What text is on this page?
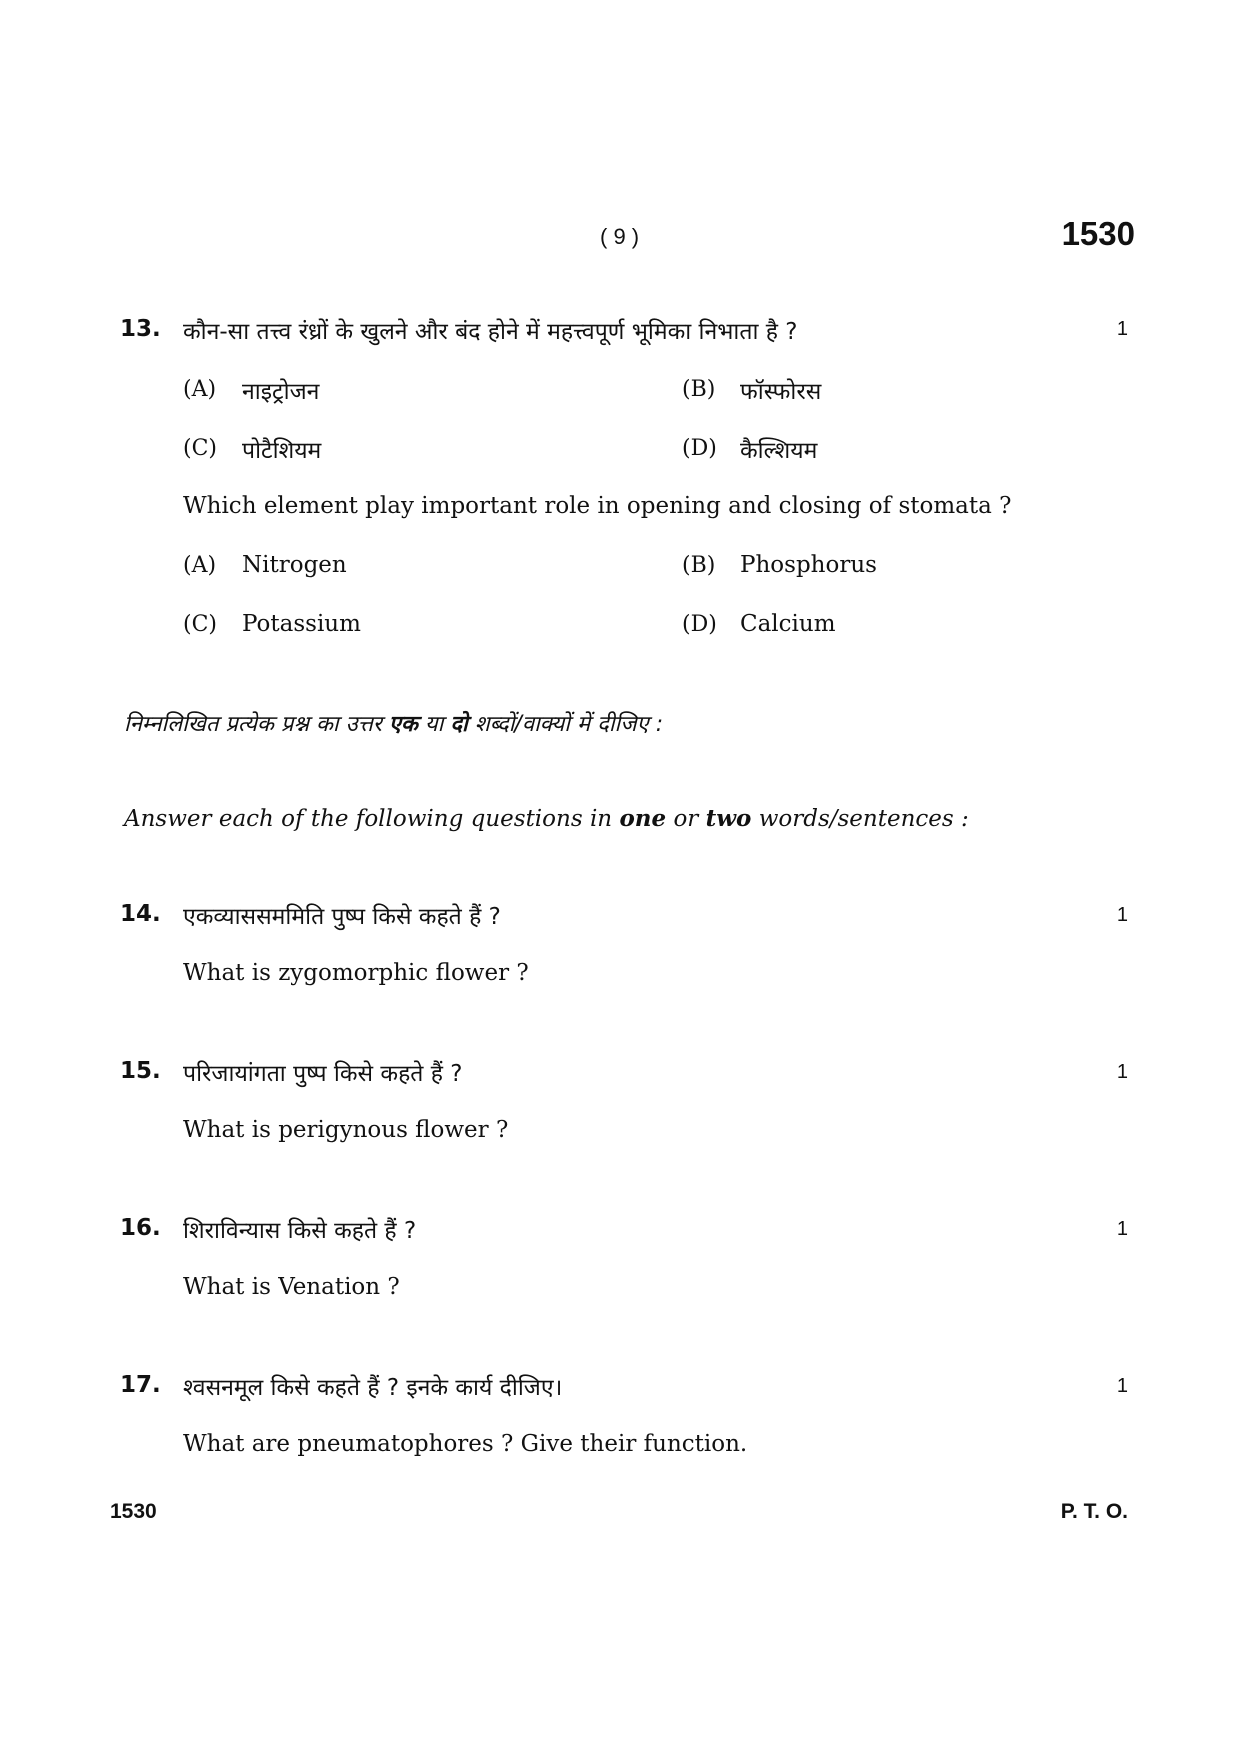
( 9 )	1530
13. कौन-सा तत्त्व रंध्रों के खुलने और बंद होने में महत्त्वपूर्ण भूमिका निभाता है ?	1
(A) नाइट्रोजन	(B) फॉस्फोरस
(C) पोटैशियम	(D) कैल्शियम
Which element play important role in opening and closing of stomata ?
(A) Nitrogen	(B) Phosphorus
(C) Potassium	(D) Calcium
निम्नलिखित प्रत्येक प्रश्न का उत्तर एक या दो शब्दों/वाक्यों में दीजिए :
Answer each of the following questions in one or two words/sentences :
14. एकव्याससममिति पुष्प किसे कहते हैं ?	1
What is zygomorphic flower ?
15. परिजायांगता पुष्प किसे कहते हैं ?	1
What is perigynous flower ?
16. शिराविन्यास किसे कहते हैं ?	1
What is Venation ?
17. श्वसनमूल किसे कहते हैं ? इनके कार्य दीजिए।	1
What are pneumatophores ? Give their function.
1530	P. T. O.
